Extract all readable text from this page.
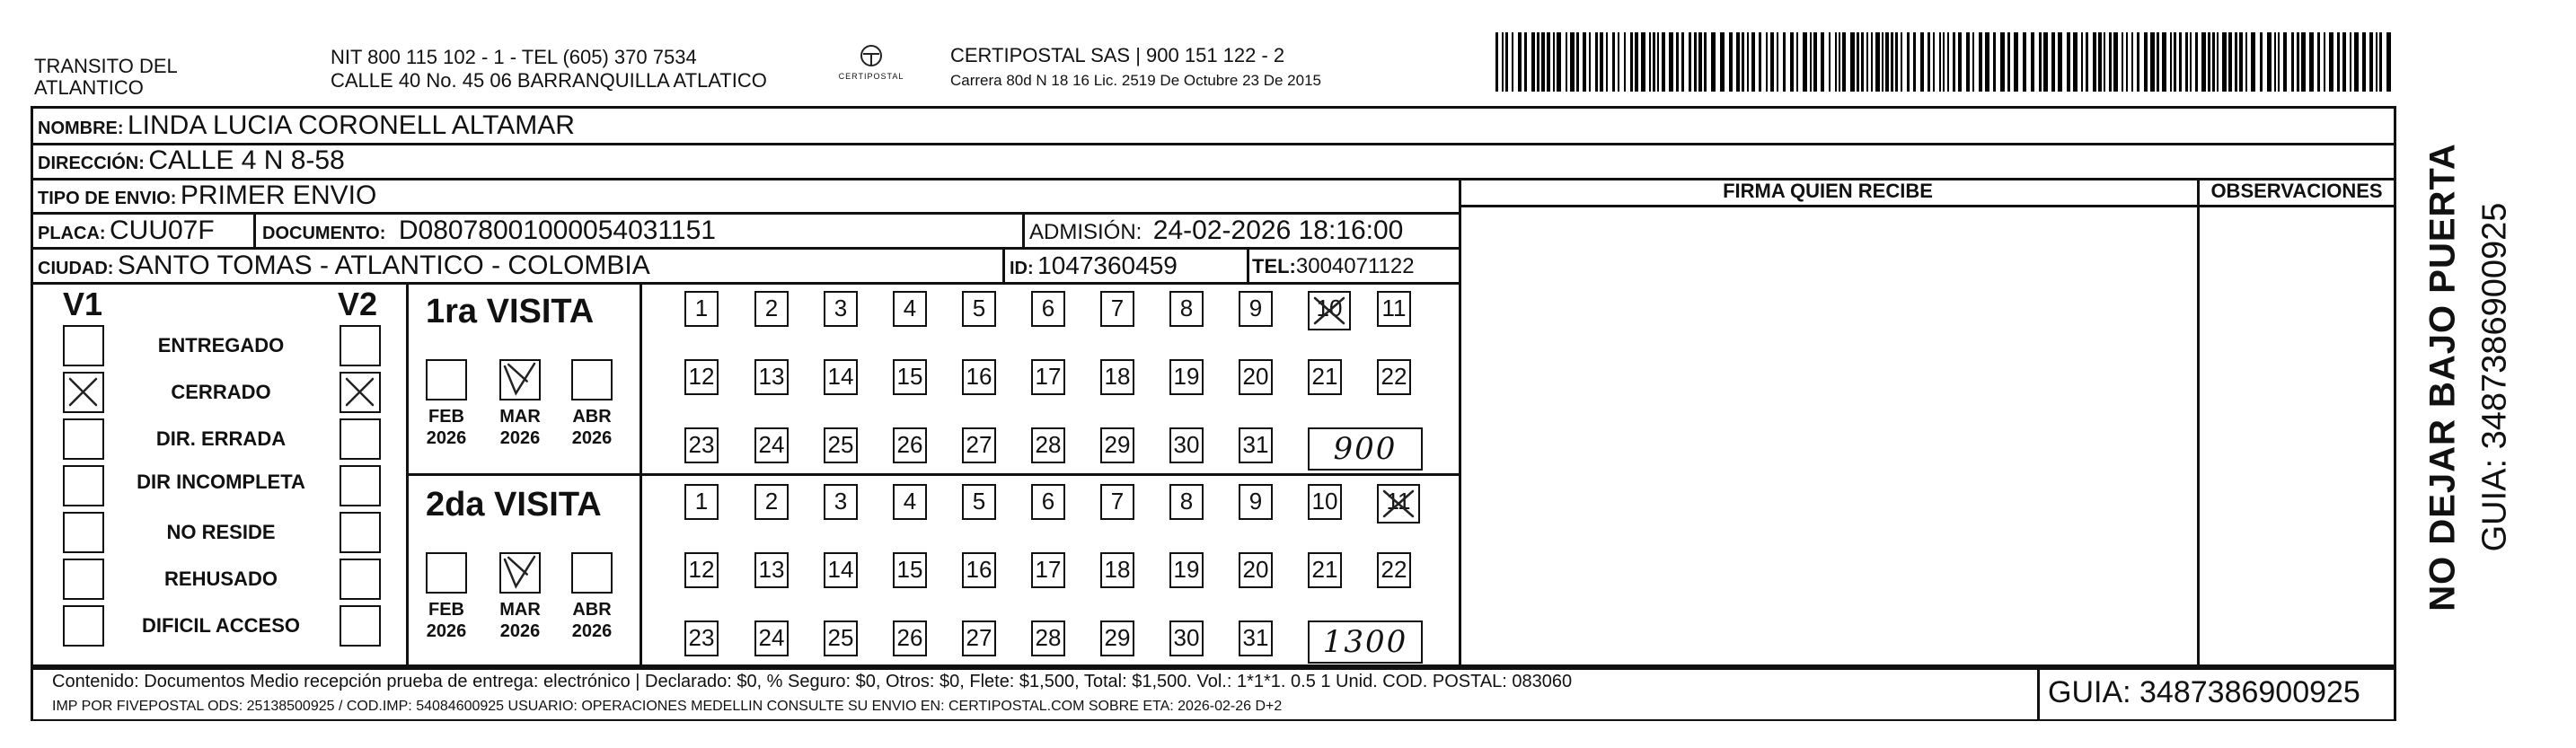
TRANSITO DEL ATLANTICO
NIT 800 115 102 - 1 - TEL (605) 370 7534
CALLE 40 No. 45 06 BARRANQUILLA ATLATICO	CERTIPOSTAL
CERTIPOSTAL SAS | 900 151 122 - 2
Carrera 80d N 18 16 Lic. 2519 De Octubre 23 De 2015
NOMBRE: LINDA LUCIA CORONELL ALTAMAR
DIRECCIÓN: CALLE 4 N 8-58
TIPO DE ENVIO: PRIMER ENVIO
PLACA: CUU07F	DOCUMENTO: D08078001000054031151	ADMISIÓN: 24-02-2026 18:16:00
CIUDAD: SANTO TOMAS - ATLANTICO - COLOMBIA	ID: 1047360459	TEL:3004071122
FIRMA QUIEN RECIBE	OBSERVACIONES
V1	V2
ENTREGADO
CERRADO
DIR. ERRADA
DIR INCOMPLETA
NO RESIDE
REHUSADO
DIFICIL ACCESO
1ra VISITA
FEB
2026
MAR
2026
ABR
2026
1	2	3	4	5	6	7	8	9	10	11
12 13 14 15 16 17 18 19 20 21 22
23 24 25 26 27 28 29 30 31	900
2da VISITA
FEB
2026
MAR
2026
ABR
2026
1	2	3	4	5	6	7	8	9	10	11
12 13 14 15 16 17 18 19 20 21 22
23 24 25 26 27 28 29 30 31	1300
Contenido: Documentos Medio recepción prueba de entrega: electrónico | Declarado: $0, % Seguro: $0, Otros: $0, Flete: $1,500, Total: $1,500. Vol.: 1*1*1. 0.5 1 Unid. COD. POSTAL: 083060
IMP POR FIVEPOSTAL ODS: 25138500925 / COD.IMP: 54084600925 USUARIO: OPERACIONES MEDELLIN CONSULTE SU ENVIO EN: CERTIPOSTAL.COM SOBRE ETA: 2026-02-26 D+2	GUIA: 3487386900925
NO DEJAR BAJO PUERTA GUIA: 3487386900925
